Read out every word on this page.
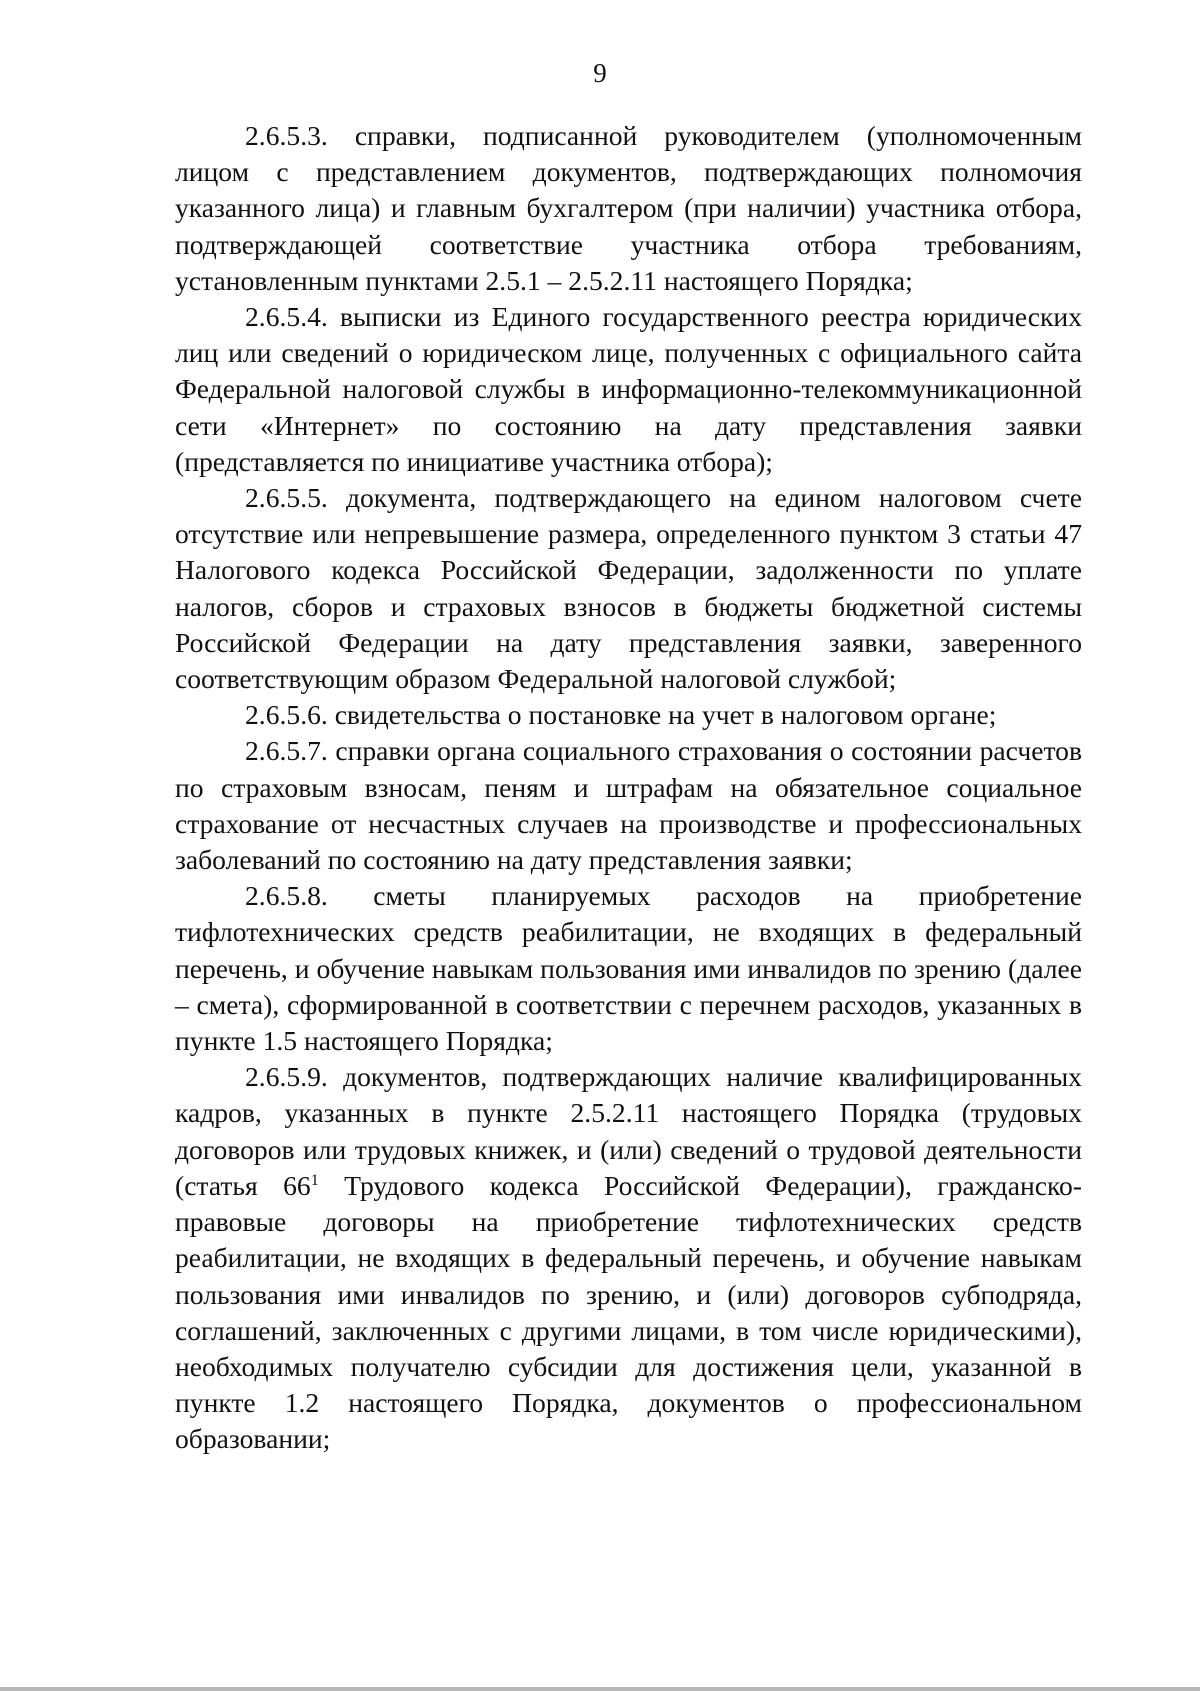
9

2.6.5.3. справки, подписанной руководителем (уполномоченным лицом с представлением документов, подтверждающих полномочия указанного лица) и главным бухгалтером (при наличии) участника отбора, подтверждающей соответствие участника отбора требованиям, установленным пунктами 2.5.1 – 2.5.2.11 настоящего Порядка;

2.6.5.4. выписки из Единого государственного реестра юридических лиц или сведений о юридическом лице, полученных с официального сайта Федеральной налоговой службы в информационно-телекоммуникационной сети «Интернет» по состоянию на дату представления заявки (представляется по инициативе участника отбора);

2.6.5.5. документа, подтверждающего на едином налоговом счете отсутствие или непревышение размера, определенного пунктом 3 статьи 47 Налогового кодекса Российской Федерации, задолженности по уплате налогов, сборов и страховых взносов в бюджеты бюджетной системы Российской Федерации на дату представления заявки, заверенного соответствующим образом Федеральной налоговой службой;

2.6.5.6. свидетельства о постановке на учет в налоговом органе;

2.6.5.7. справки органа социального страхования о состоянии расчетов по страховым взносам, пеням и штрафам на обязательное социальное страхование от несчастных случаев на производстве и профессиональных заболеваний по состоянию на дату представления заявки;

2.6.5.8. сметы планируемых расходов на приобретение тифлотехнических средств реабилитации, не входящих в федеральный перечень, и обучение навыкам пользования ими инвалидов по зрению (далее – смета), сформированной в соответствии с перечнем расходов, указанных в пункте 1.5 настоящего Порядка;

2.6.5.9. документов, подтверждающих наличие квалифицированных кадров, указанных в пункте 2.5.2.11 настоящего Порядка (трудовых договоров или трудовых книжек, и (или) сведений о трудовой деятельности (статья $66^1$ Трудового кодекса Российской Федерации), гражданско-правовые договоры на приобретение тифлотехнических средств реабилитации, не входящих в федеральный перечень, и обучение навыкам пользования ими инвалидов по зрению, и (или) договоров субподряда, соглашений, заключенных с другими лицами, в том числе юридическими), необходимых получателю субсидии для достижения цели, указанной в пункте 1.2 настоящего Порядка, документов о профессиональном образовании;
